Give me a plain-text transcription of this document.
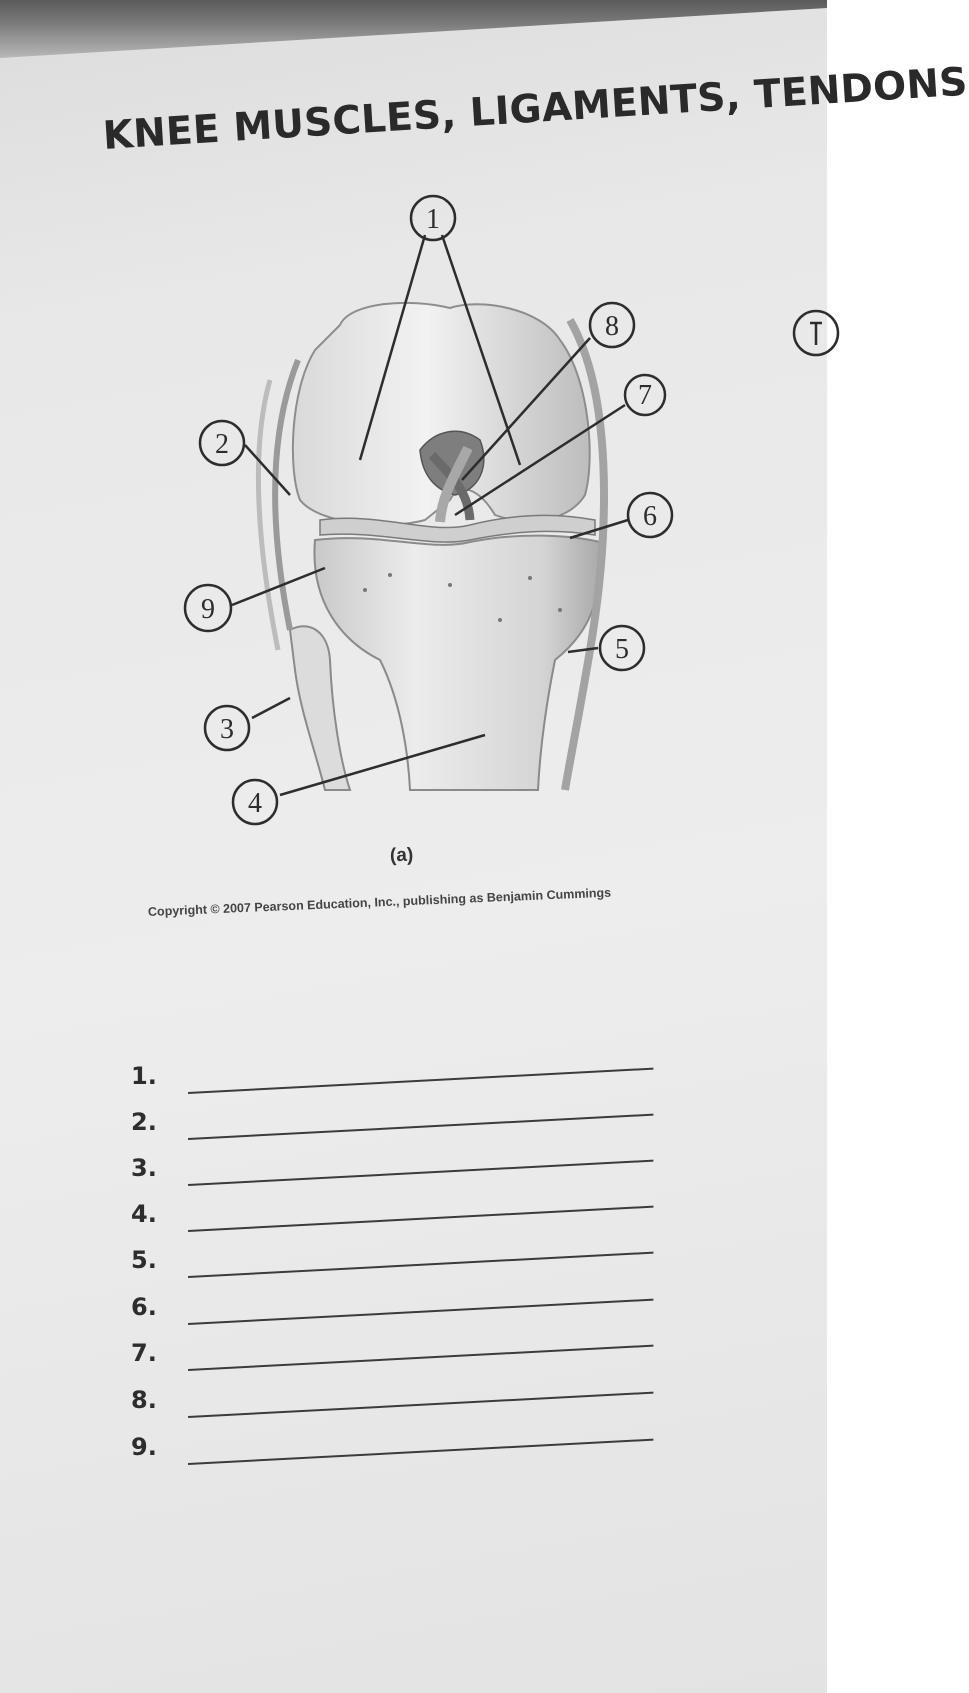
KNEE MUSCLES, LIGAMENTS, TENDONS
1
2
3
4
5
6
7
8
9
(a)
Copyright © 2007 Pearson Education, Inc., publishing as Benjamin Cummings
1.
2.
3.
4.
5.
6.
7.
8.
9.
